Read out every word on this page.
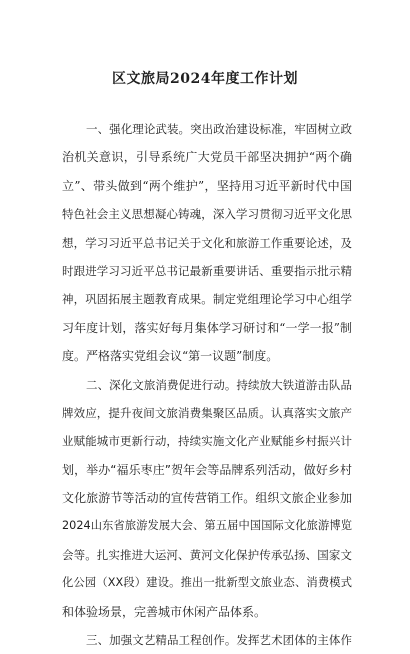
区文旅局2024年度工作计划
一、强化理论武装。突出政治建设标准，牢固树立政
治机关意识，引导系统广大党员干部坚决拥护“两个确
立”、带头做到“两个维护”，坚持用习近平新时代中国
特色社会主义思想凝心铸魂，深入学习贯彻习近平文化思
想，学习习近平总书记关于文化和旅游工作重要论述，及
时跟进学习习近平总书记最新重要讲话、重要指示批示精
神，巩固拓展主题教育成果。制定党组理论学习中心组学
习年度计划，落实好每月集体学习研讨和“一学一报”制
度。严格落实党组会议“第一议题”制度。
二、深化文旅消费促进行动。持续放大铁道游击队品
牌效应，提升夜间文旅消费集聚区品质。认真落实文旅产
业赋能城市更新行动，持续实施文化产业赋能乡村振兴计
划，举办“福乐枣庄”贺年会等品牌系列活动，做好乡村
文化旅游节等活动的宣传营销工作。组织文旅企业参加
2024山东省旅游发展大会、第五届中国国际文化旅游博览
会等。扎实推进大运河、黄河文化保护传承弘扬、国家文
化公园（XX段）建设。推出一批新型文旅业态、消费模式
和体验场景，完善城市休闲产品体系。
三、加强文艺精品工程创作。发挥艺术团体的主体作
